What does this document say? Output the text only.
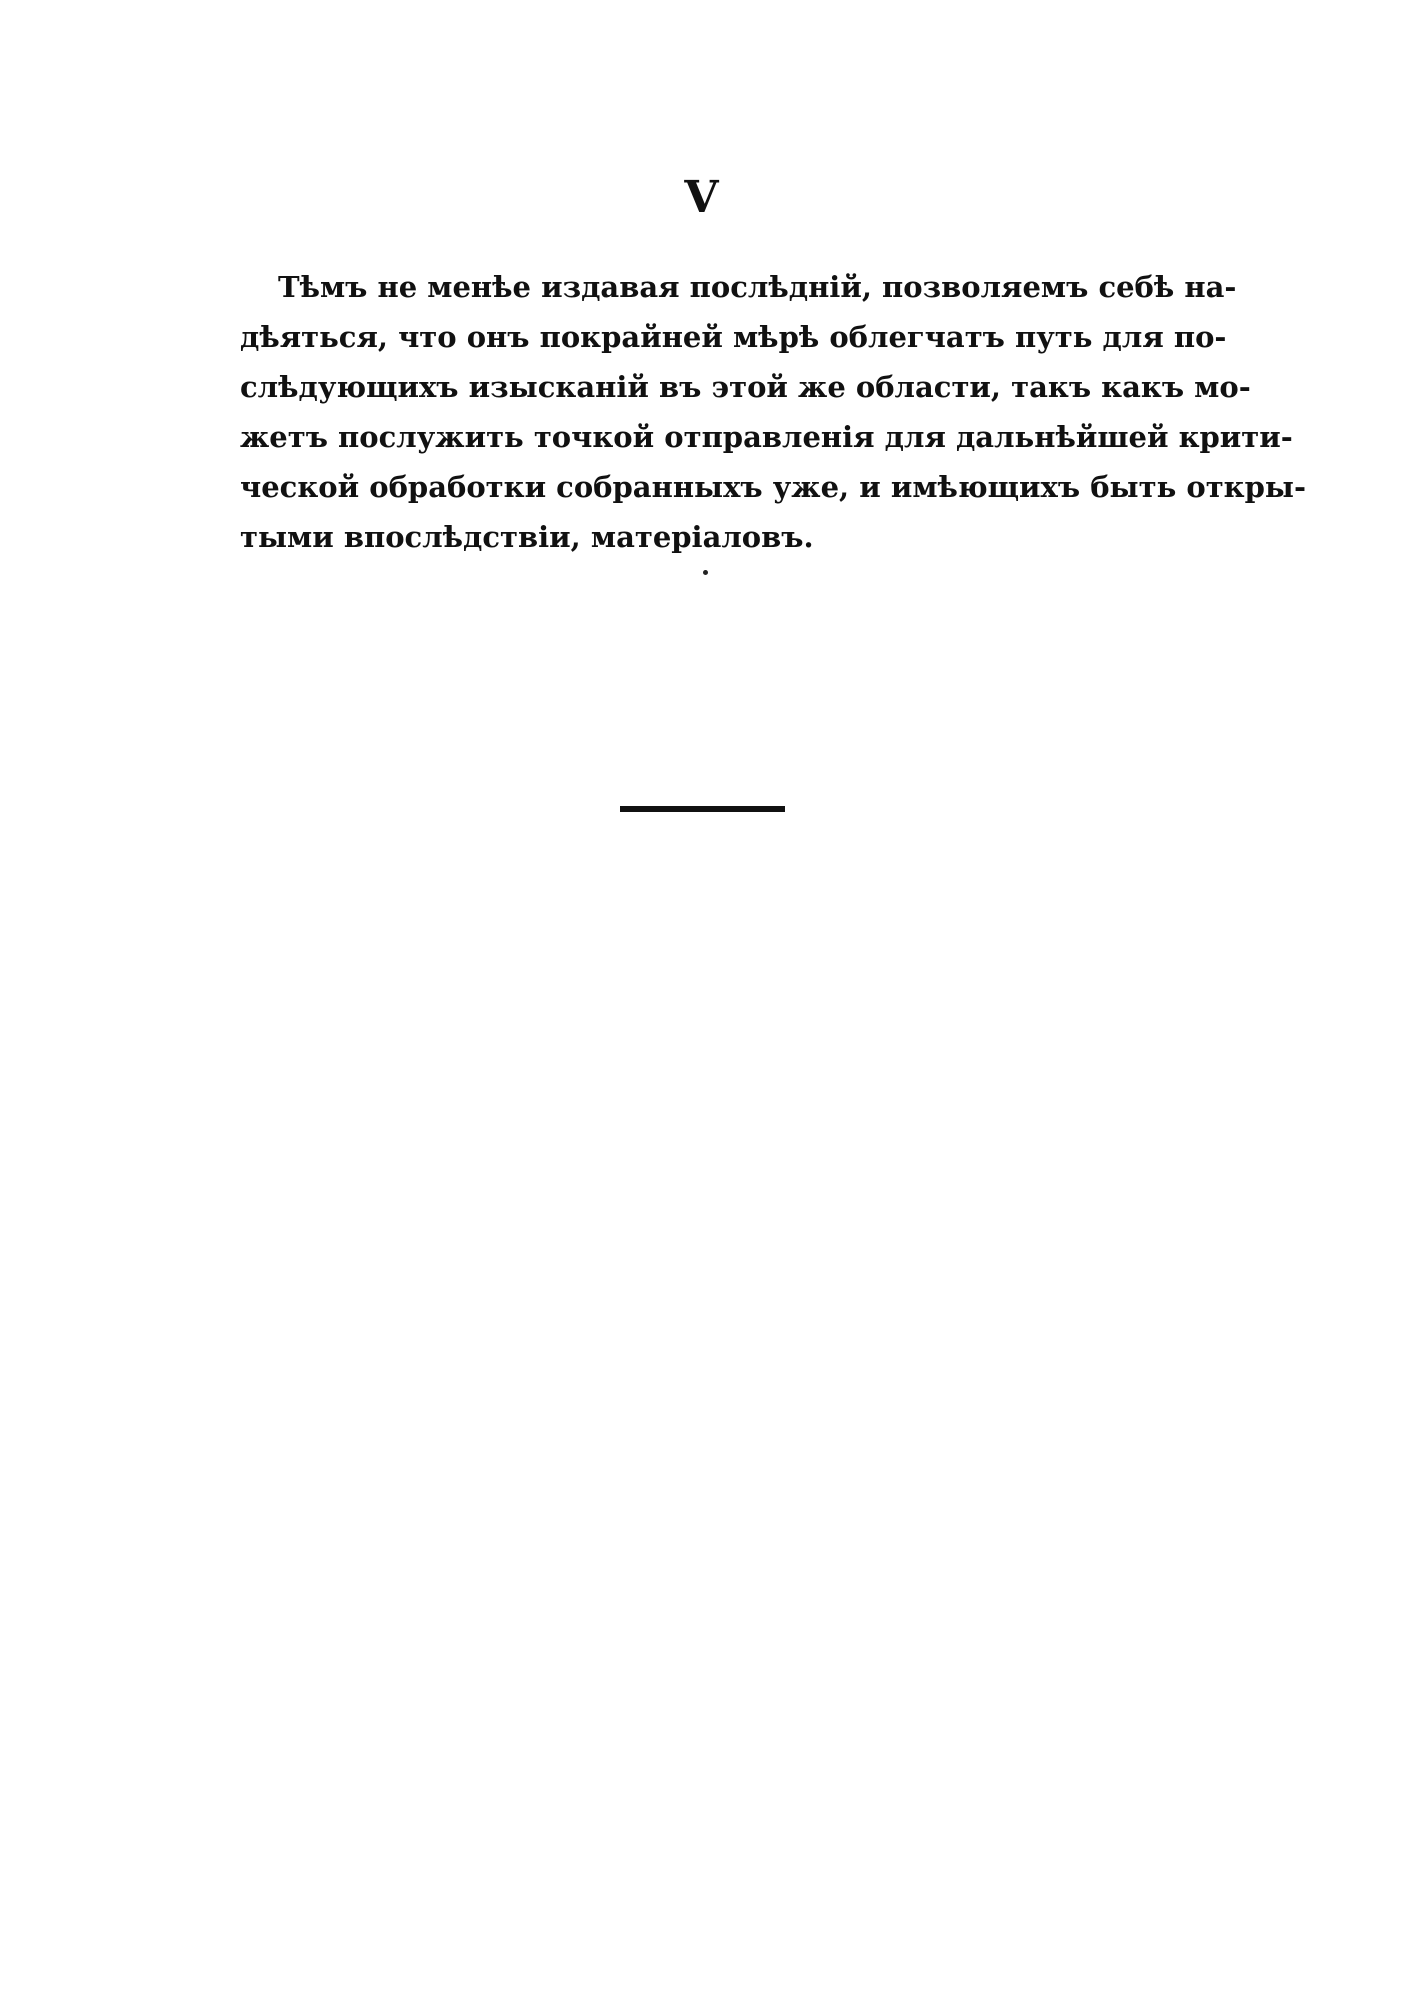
V
Тѣмъ не менѣе издавая послѣдній, позволяемъ себѣ на-
дѣяться, что онъ покрайней мѣрѣ облегчатъ путь для по-
слѣдующихъ изысканій въ этой же области, такъ какъ мо-
жетъ послужить точкой отправленія для дальнѣйшей крити-
ческой обработки собранныхъ уже, и имѣющихъ быть откры-
тыми впослѣдствіи, матеріаловъ.
